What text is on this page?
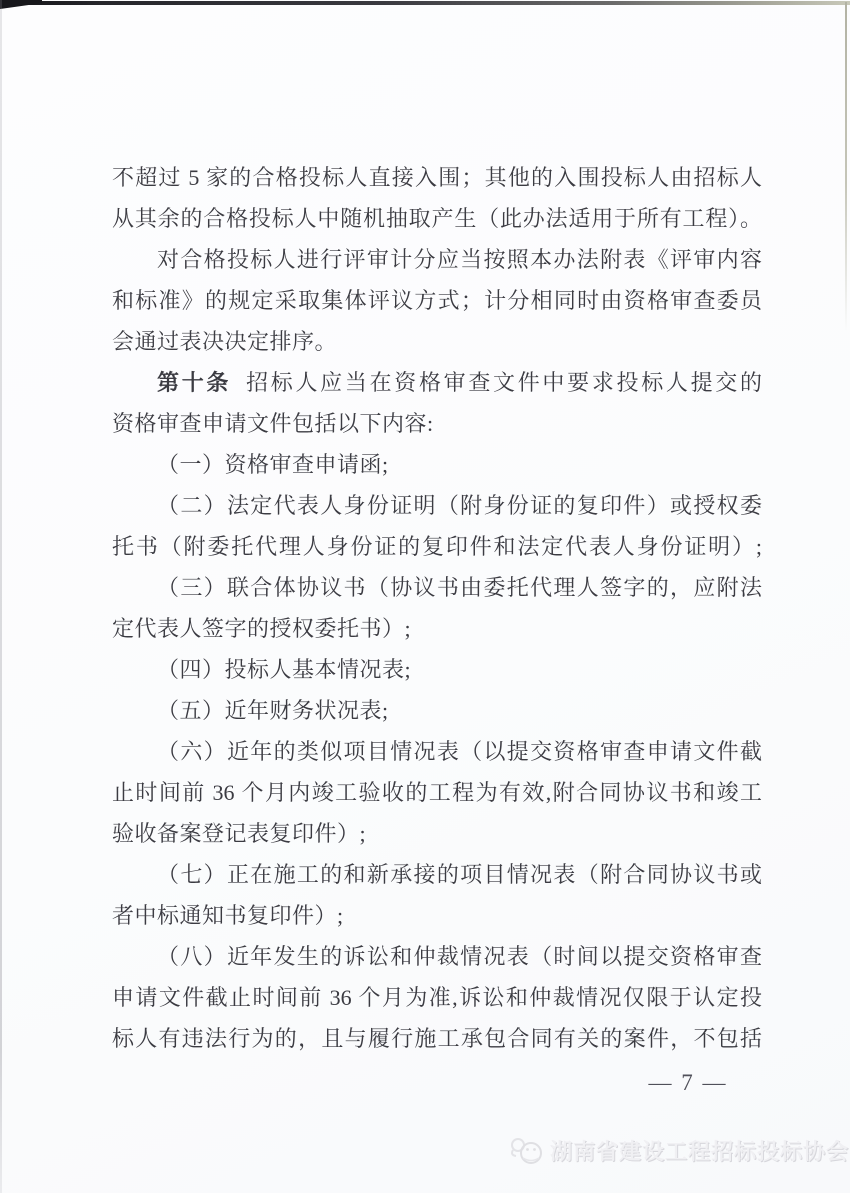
不超过 5 家的合格投标人直接入围；其他的入围投标人由招标人
从其余的合格投标人中随机抽取产生（此办法适用于所有工程）。
对合格投标人进行评审计分应当按照本办法附表《评审内容
和标准》的规定采取集体评议方式；计分相同时由资格审查委员
会通过表决决定排序。
第十条 招标人应当在资格审查文件中要求投标人提交的
资格审查申请文件包括以下内容:
（一）资格审查申请函;
（二）法定代表人身份证明（附身份证的复印件）或授权委
托书（附委托代理人身份证的复印件和法定代表人身份证明）;
（三）联合体协议书（协议书由委托代理人签字的，应附法
定代表人签字的授权委托书）;
（四）投标人基本情况表;
（五）近年财务状况表;
（六）近年的类似项目情况表（以提交资格审查申请文件截
止时间前 36 个月内竣工验收的工程为有效,附合同协议书和竣工
验收备案登记表复印件）;
（七）正在施工的和新承接的项目情况表（附合同协议书或
者中标通知书复印件）;
（八）近年发生的诉讼和仲裁情况表（时间以提交资格审查
申请文件截止时间前 36 个月为准,诉讼和仲裁情况仅限于认定投
标人有违法行为的，且与履行施工承包合同有关的案件，不包括
— 7 —
湖南省建设工程招标投标协会
